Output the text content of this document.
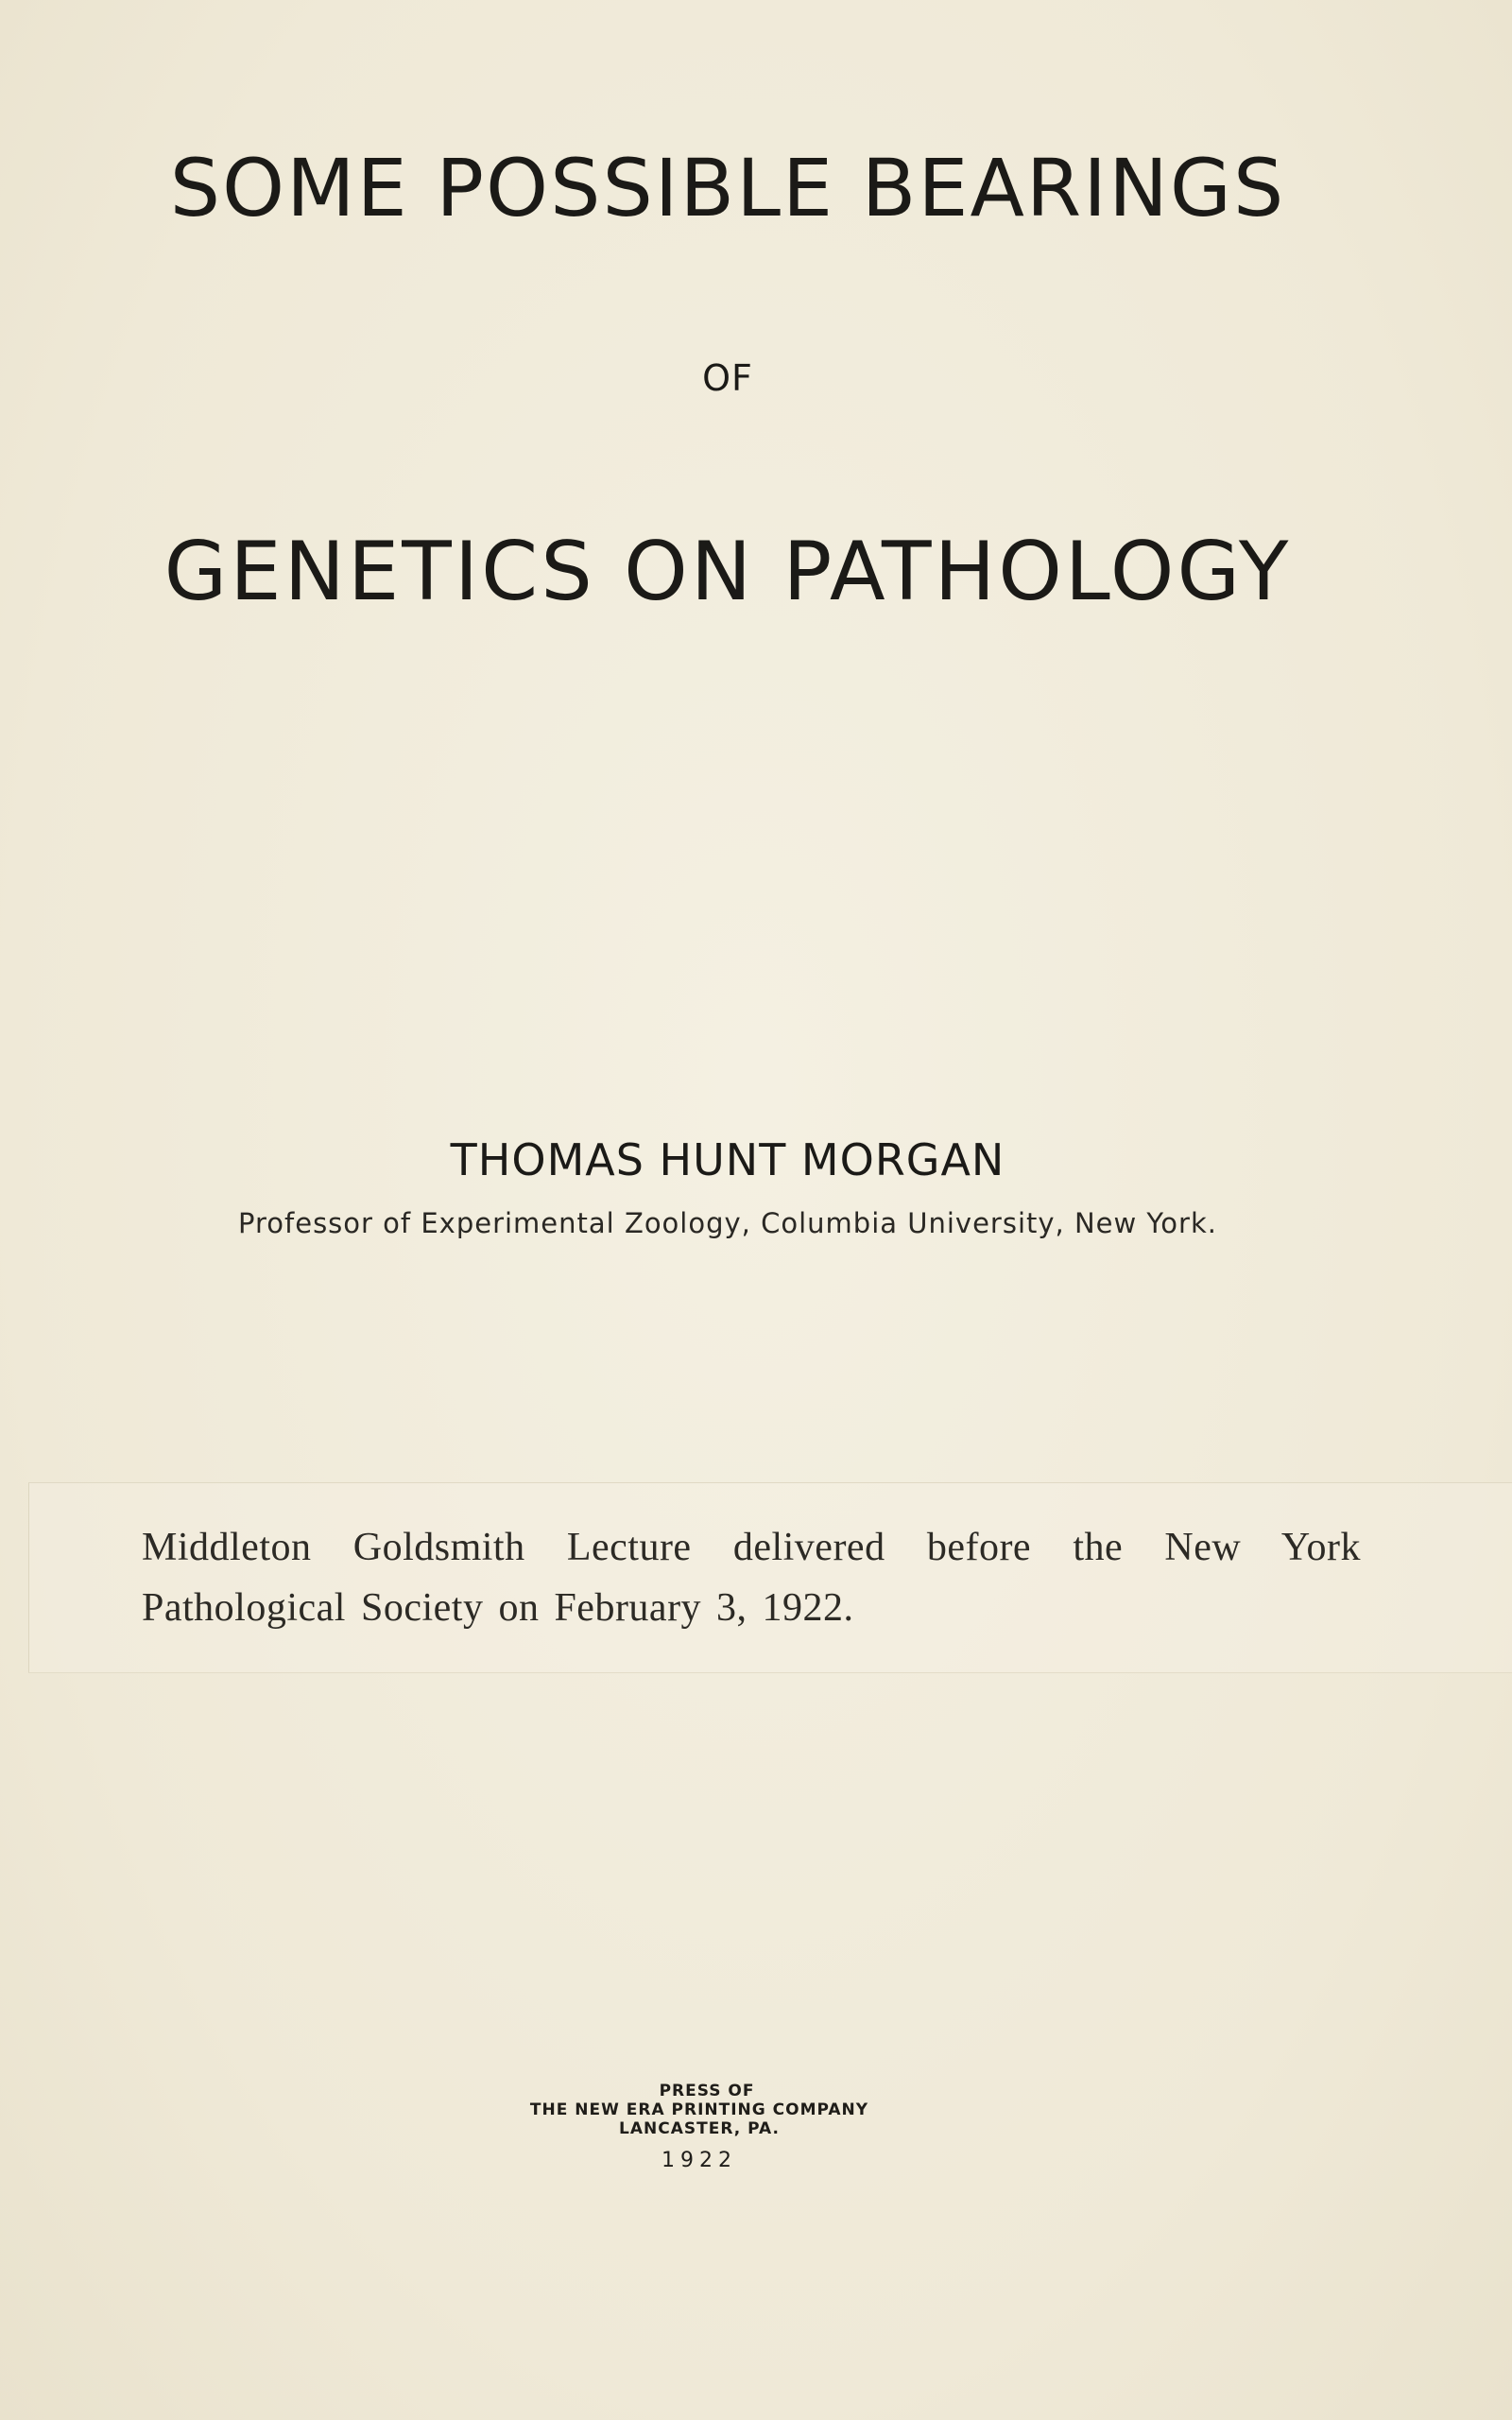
SOME POSSIBLE BEARINGS
OF
GENETICS ON PATHOLOGY
THOMAS HUNT MORGAN
Professor of Experimental Zoology, Columbia University, New York.
Middleton Goldsmith Lecture delivered before the New York Pathological Society on February 3, 1922.
PRESS OF
THE NEW ERA PRINTING COMPANY
LANCASTER, PA.
1922
